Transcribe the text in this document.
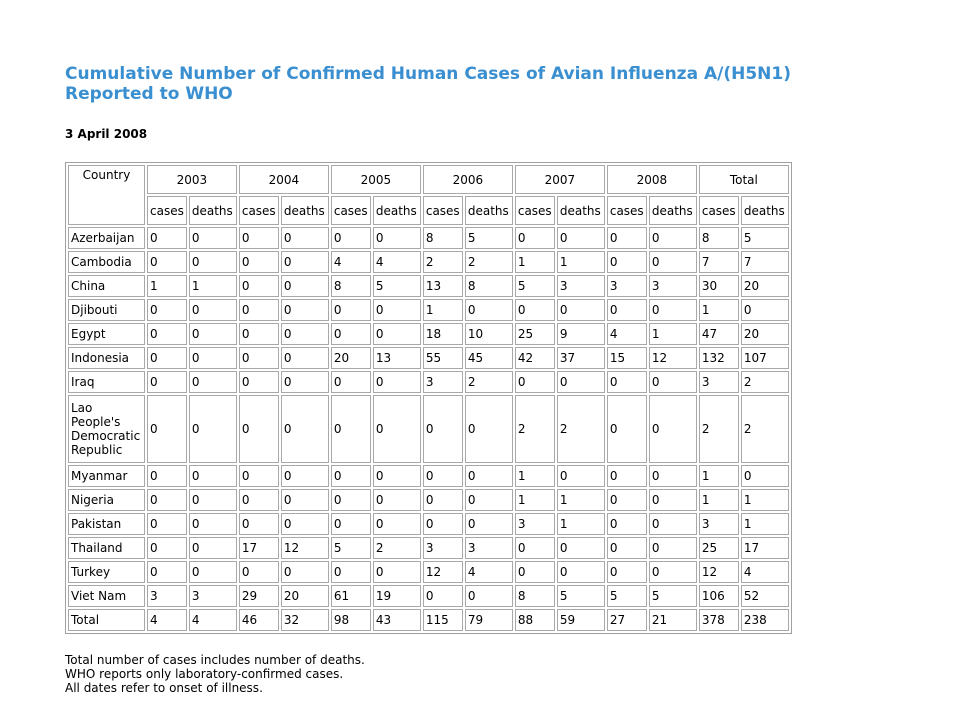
Cumulative Number of Confirmed Human Cases of Avian Influenza A/(H5N1)
Reported to WHO
3 April 2008
Country	2003		2004		2005		2006		2007		2008		Total	
	cases	deaths	cases	deaths	cases	deaths	cases	deaths	cases	deaths	cases	deaths	cases	deaths
Azerbaijan	0	0	0	0	0	0	8	5	0	0	0	0	8	5
Cambodia	0	0	0	0	4	4	2	2	1	1	0	0	7	7
China	1	1	0	0	8	5	13	8	5	3	3	3	30	20
Djibouti	0	0	0	0	0	0	1	0	0	0	0	0	1	0
Egypt	0	0	0	0	0	0	18	10	25	9	4	1	47	20
Indonesia	0	0	0	0	20	13	55	45	42	37	15	12	132	107
Iraq	0	0	0	0	0	0	3	2	0	0	0	0	3	2
Lao People's Democratic Republic	0	0	0	0	0	0	0	0	2	2	0	0	2	2
Myanmar	0	0	0	0	0	0	0	0	1	0	0	0	1	0
Nigeria	0	0	0	0	0	0	0	0	1	1	0	0	1	1
Pakistan	0	0	0	0	0	0	0	0	3	1	0	0	3	1
Thailand	0	0	17	12	5	2	3	3	0	0	0	0	25	17
Turkey	0	0	0	0	0	0	12	4	0	0	0	0	12	4
Viet Nam	3	3	29	20	61	19	0	0	8	5	5	5	106	52
Total	4	4	46	32	98	43	115	79	88	59	27	21	378	238
Total number of cases includes number of deaths.
WHO reports only laboratory-confirmed cases.
All dates refer to onset of illness.
